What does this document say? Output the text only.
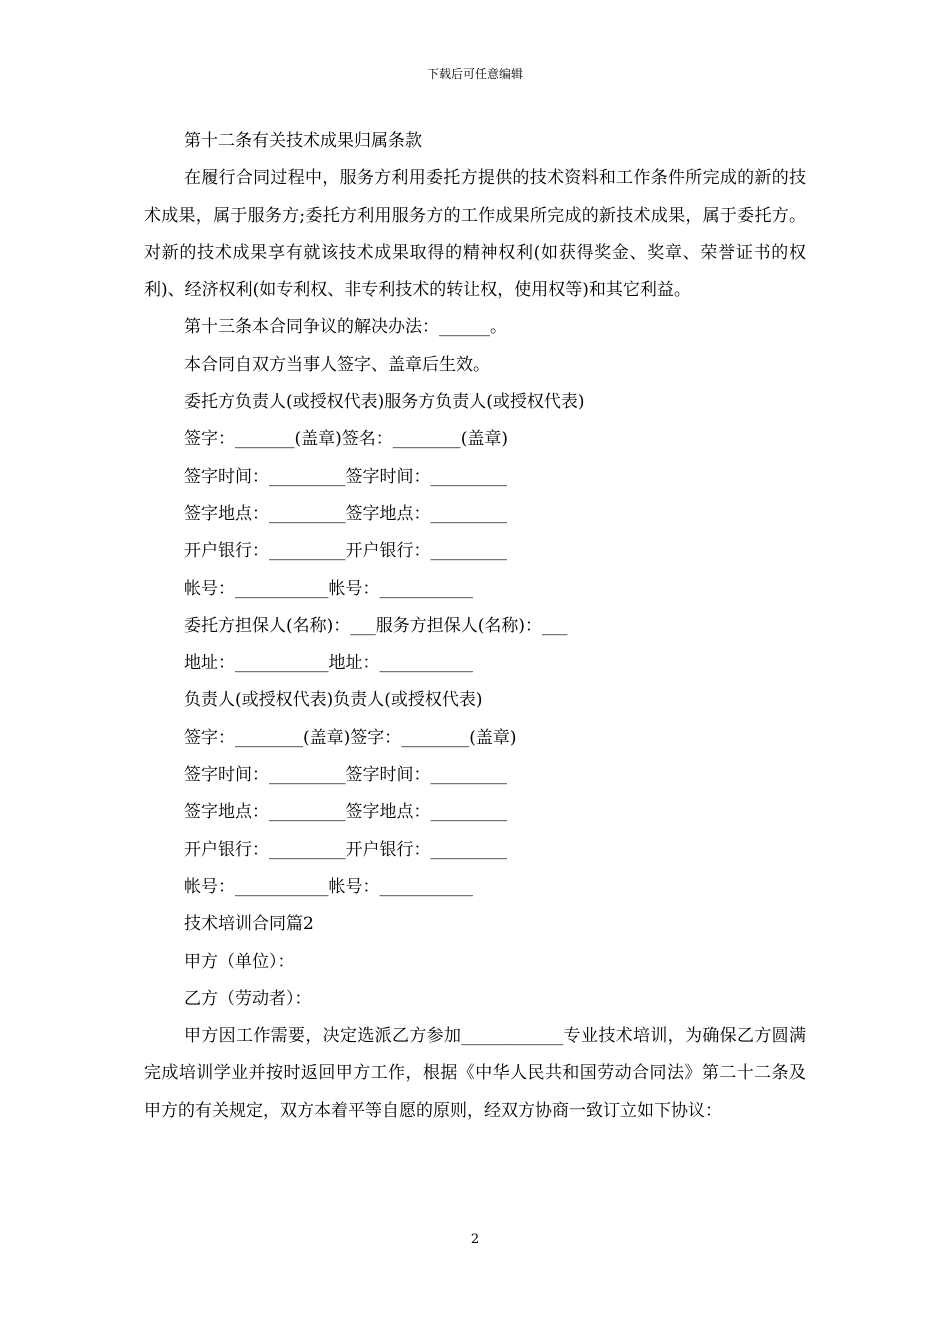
下载后可任意编辑
第十二条有关技术成果归属条款
在履行合同过程中，服务方利用委托方提供的技术资料和工作条件所完成的新的技术成果，属于服务方;委托方利用服务方的工作成果所完成的新技术成果，属于委托方。对新的技术成果享有就该技术成果取得的精神权利(如获得奖金、奖章、荣誉证书的权利)、经济权利(如专利权、非专利技术的转让权，使用权等)和其它利益。
第十三条本合同争议的解决办法：______。
本合同自双方当事人签字、盖章后生效。
委托方负责人(或授权代表)服务方负责人(或授权代表)
签字：_______(盖章)签名：________(盖章)
签字时间：_________签字时间：_________
签字地点：_________签字地点：_________
开户银行：_________开户银行：_________
帐号：___________帐号：___________
委托方担保人(名称)：___服务方担保人(名称)：___
地址：___________地址：___________
负责人(或授权代表)负责人(或授权代表)
签字：________(盖章)签字：________(盖章)
签字时间：_________签字时间：_________
签字地点：_________签字地点：_________
开户银行：_________开户银行：_________
帐号：___________帐号：___________
技术培训合同篇2
甲方（单位）：
乙方（劳动者）：
甲方因工作需要，决定选派乙方参加____________专业技术培训，为确保乙方圆满完成培训学业并按时返回甲方工作，根据《中华人民共和国劳动合同法》第二十二条及甲方的有关规定，双方本着平等自愿的原则，经双方协商一致订立如下协议：
2
